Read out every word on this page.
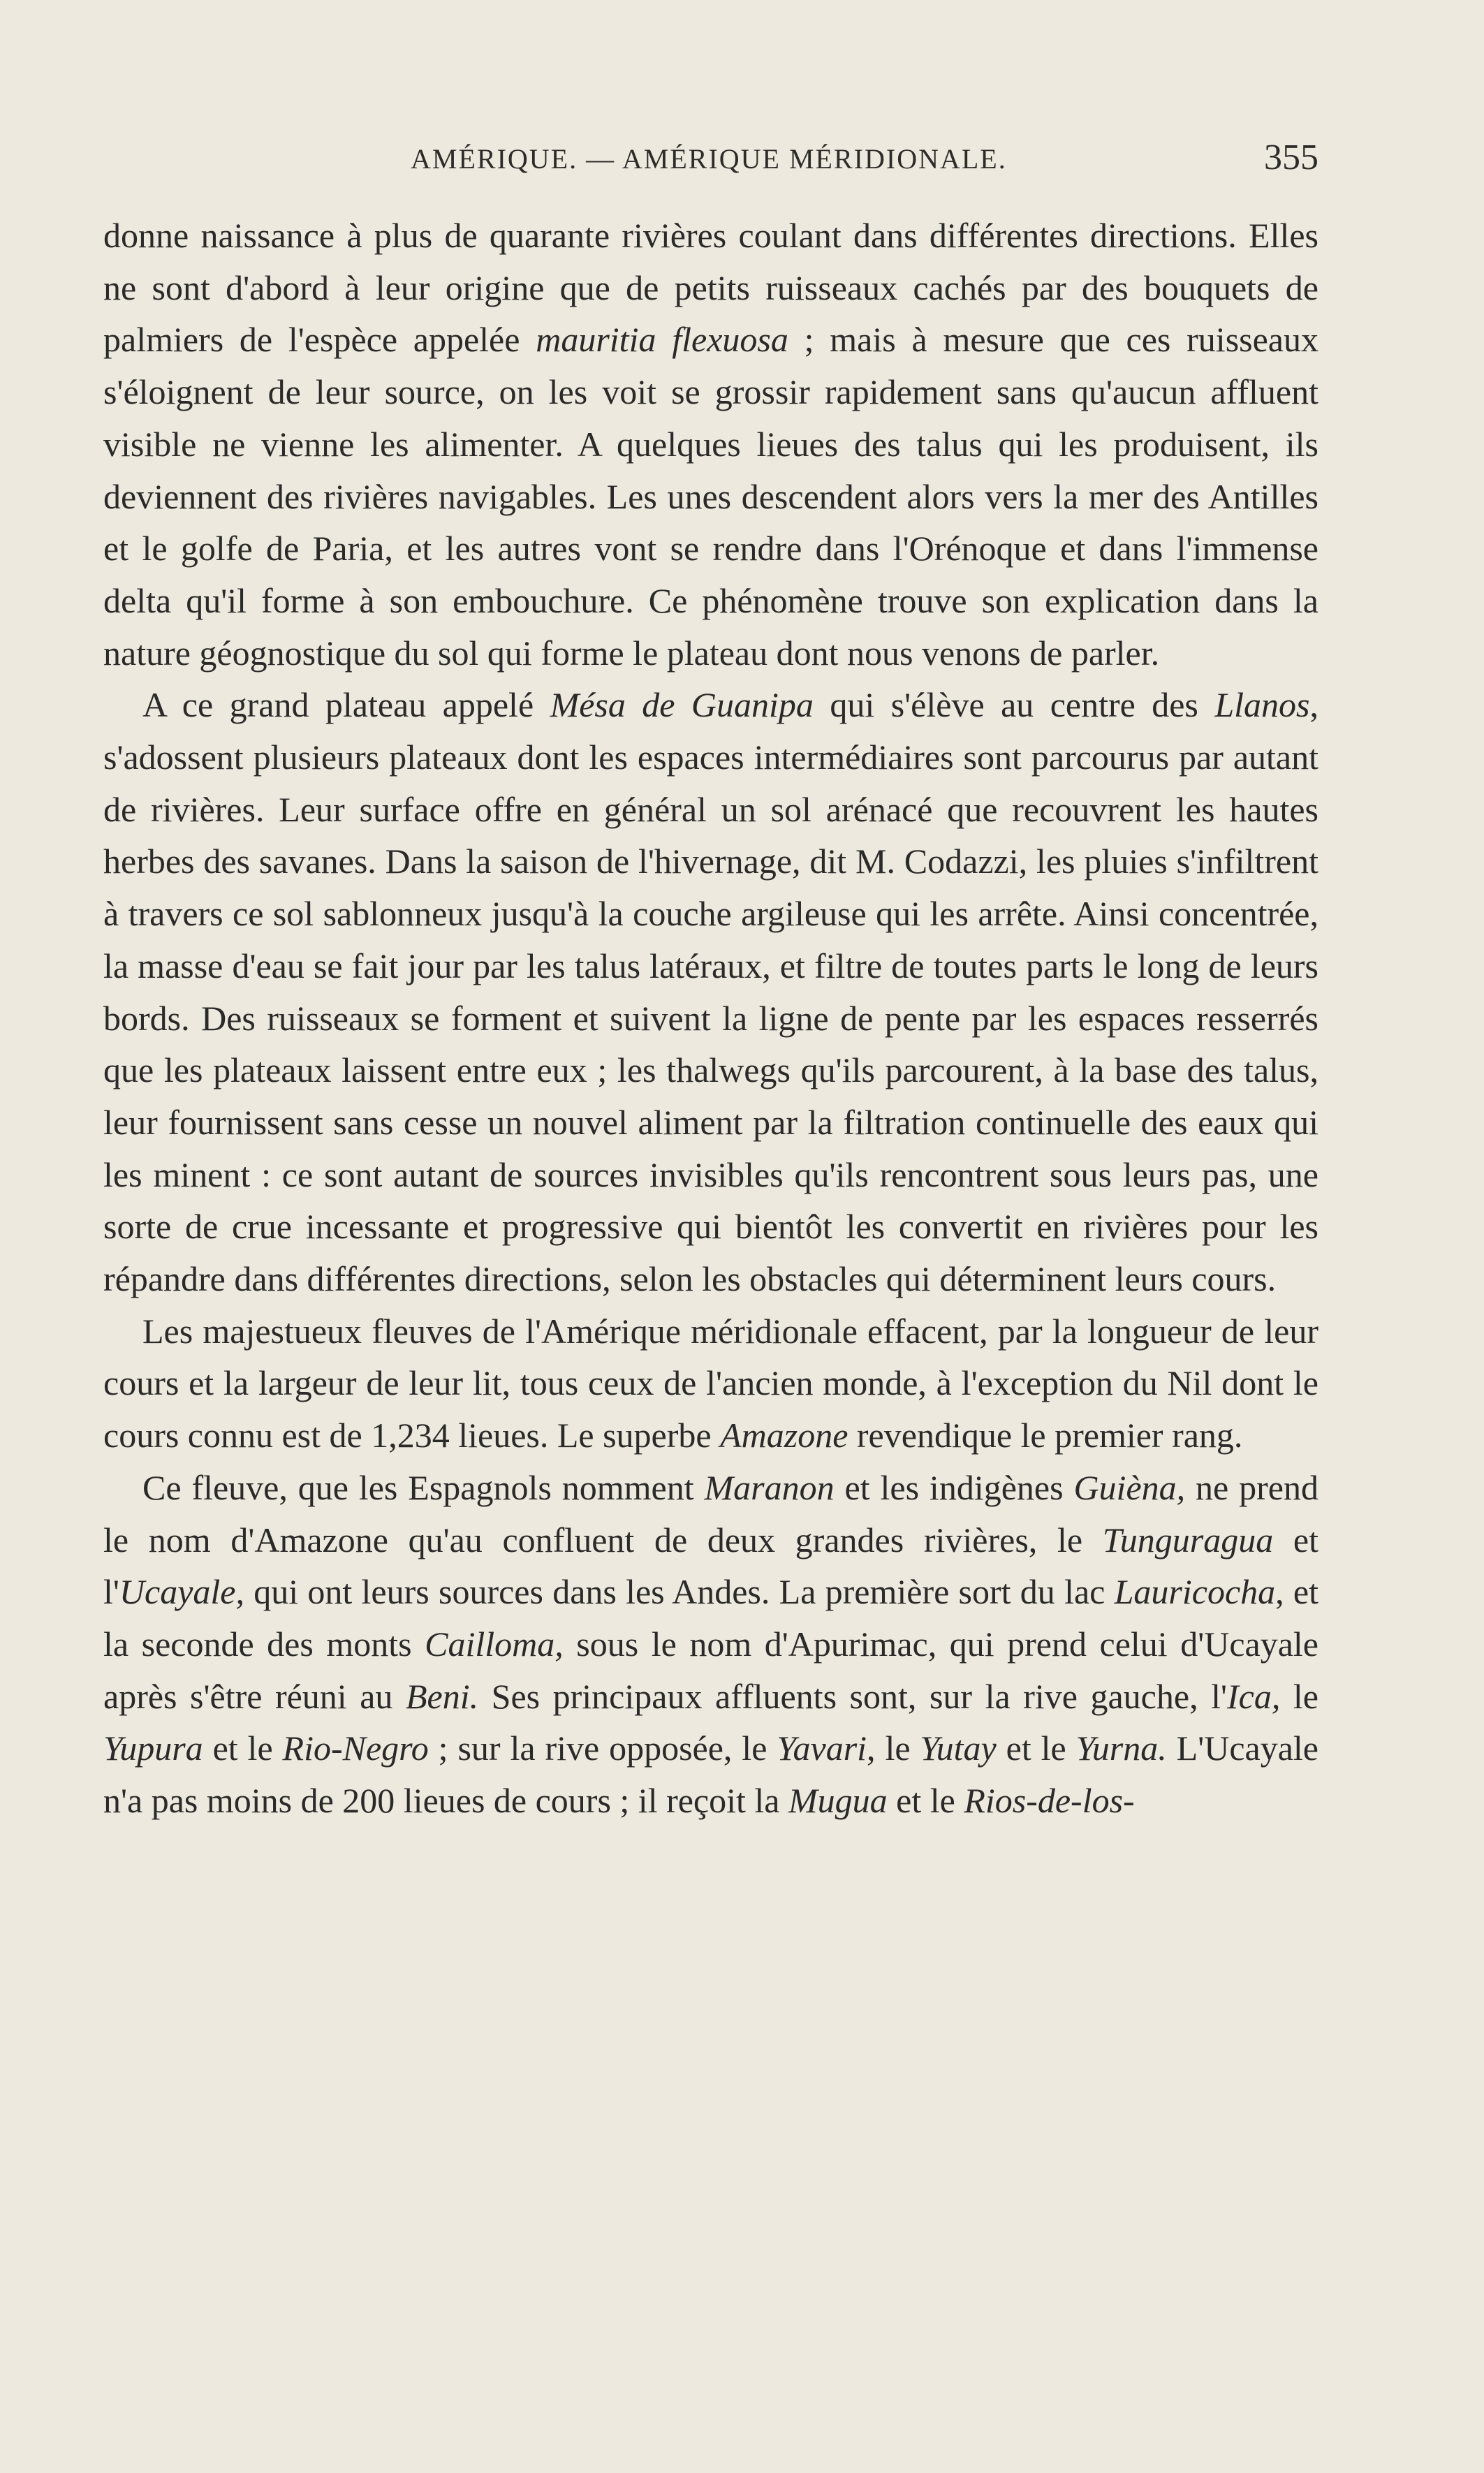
AMÉRIQUE. — AMÉRIQUE MÉRIDIONALE.	355

donne naissance à plus de quarante rivières coulant dans différentes directions. Elles ne sont d'abord à leur origine que de petits ruisseaux cachés par des bouquets de palmiers de l'espèce appelée mauritia flexuosa ; mais à mesure que ces ruisseaux s'éloignent de leur source, on les voit se grossir rapidement sans qu'aucun affluent visible ne vienne les alimenter. A quelques lieues des talus qui les produisent, ils deviennent des rivières navigables. Les unes descendent alors vers la mer des Antilles et le golfe de Paria, et les autres vont se rendre dans l'Orénoque et dans l'immense delta qu'il forme à son embouchure. Ce phénomène trouve son explication dans la nature géognostique du sol qui forme le plateau dont nous venons de parler.

A ce grand plateau appelé Mésa de Guanipa qui s'élève au centre des Llanos, s'adossent plusieurs plateaux dont les espaces intermédiaires sont parcourus par autant de rivières. Leur surface offre en général un sol arénacé que recouvrent les hautes herbes des savanes. Dans la saison de l'hivernage, dit M. Codazzi, les pluies s'infiltrent à travers ce sol sablonneux jusqu'à la couche argileuse qui les arrête. Ainsi concentrée, la masse d'eau se fait jour par les talus latéraux, et filtre de toutes parts le long de leurs bords. Des ruisseaux se forment et suivent la ligne de pente par les espaces resserrés que les plateaux laissent entre eux ; les thalwegs qu'ils parcourent, à la base des talus, leur fournissent sans cesse un nouvel aliment par la filtration continuelle des eaux qui les minent : ce sont autant de sources invisibles qu'ils rencontrent sous leurs pas, une sorte de crue incessante et progressive qui bientôt les convertit en rivières pour les répandre dans différentes directions, selon les obstacles qui déterminent leurs cours.

Les majestueux fleuves de l'Amérique méridionale effacent, par la longueur de leur cours et la largeur de leur lit, tous ceux de l'ancien monde, à l'exception du Nil dont le cours connu est de 1,234 lieues. Le superbe Amazone revendique le premier rang.

Ce fleuve, que les Espagnols nomment Maranon et les indigènes Guièna, ne prend le nom d'Amazone qu'au confluent de deux grandes rivières, le Tunguragua et l'Ucayale, qui ont leurs sources dans les Andes. La première sort du lac Lauricocha, et la seconde des monts Cailloma, sous le nom d'Apurimac, qui prend celui d'Ucayale après s'être réuni au Beni. Ses principaux affluents sont, sur la rive gauche, l'Ica, le Yupura et le Rio-Negro ; sur la rive opposée, le Yavari, le Yutay et le Yurna. L'Ucayale n'a pas moins de 200 lieues de cours ; il reçoit la Mugua et le Rios-de-los-
